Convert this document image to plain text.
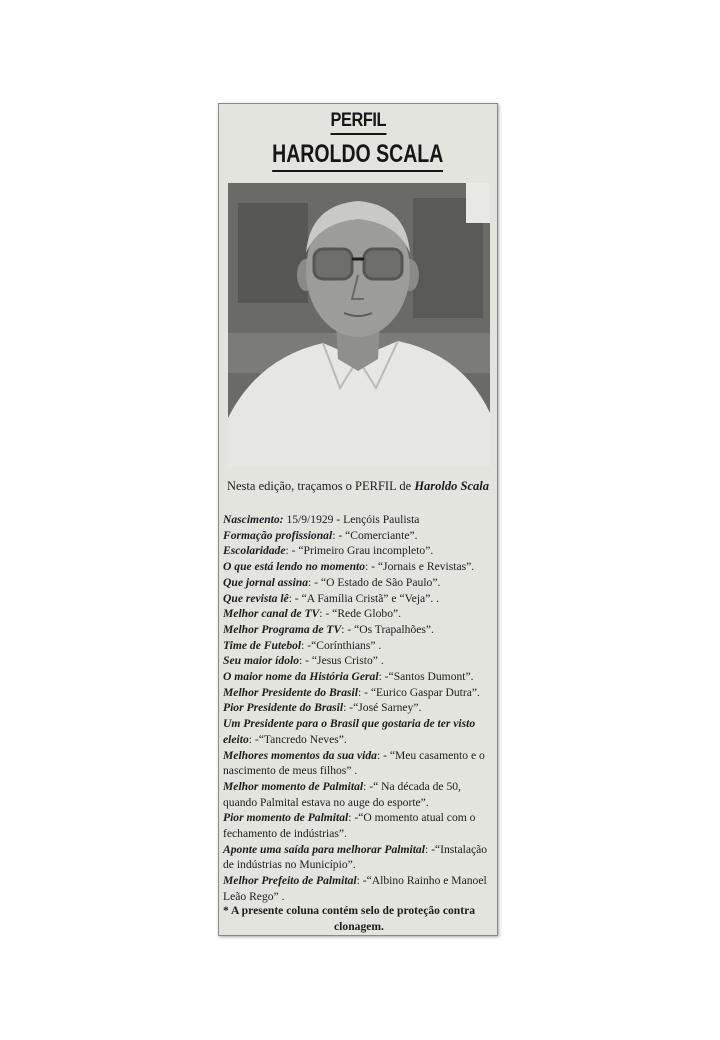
PERFIL
HAROLDO SCALA
Nesta edição, traçamos o PERFIL de Haroldo Scala

Nascimento: 15/9/1929 - Lençóis Paulista

Formação profissional: - “Comerciante”.

Escolaridade: - “Primeiro Grau incompleto”.

O que está lendo no momento: - “Jornais e Revistas”.

Que jornal assina: - “O Estado de São Paulo”.

Que revista lê: - “A Família Cristã” e “Veja”. .

Melhor canal de TV: - “Rede Globo”.

Melhor Programa de TV: - “Os Trapalhões”.

Time de Futebol: -“Corínthians” .

Seu maior ídolo: - “Jesus Cristo” .

O maior nome da História Geral: -“Santos Dumont”.

Melhor Presidente do Brasil: - “Eurico Gaspar Dutra”.

Pior Presidente do Brasil: -“José Sarney”.

Um Presidente para o Brasil que gostaria de ter visto eleito: -“Tancredo Neves”.

Melhores momentos da sua vida: - “Meu casamento e o nascimento de meus filhos” .

Melhor momento de Palmital: -“ Na década de 50, quando Palmital estava no auge do esporte”.

Pior momento de Palmital: -“O momento atual com o fechamento de indústrias”.

Aponte uma saída para melhorar Palmital: -“Instalação de indústrias no Município”.

Melhor Prefeito de Palmital: -“Albino Rainho e Manoel Leão Rego” .

* A presente coluna contém selo de proteção contra
clonagem.
